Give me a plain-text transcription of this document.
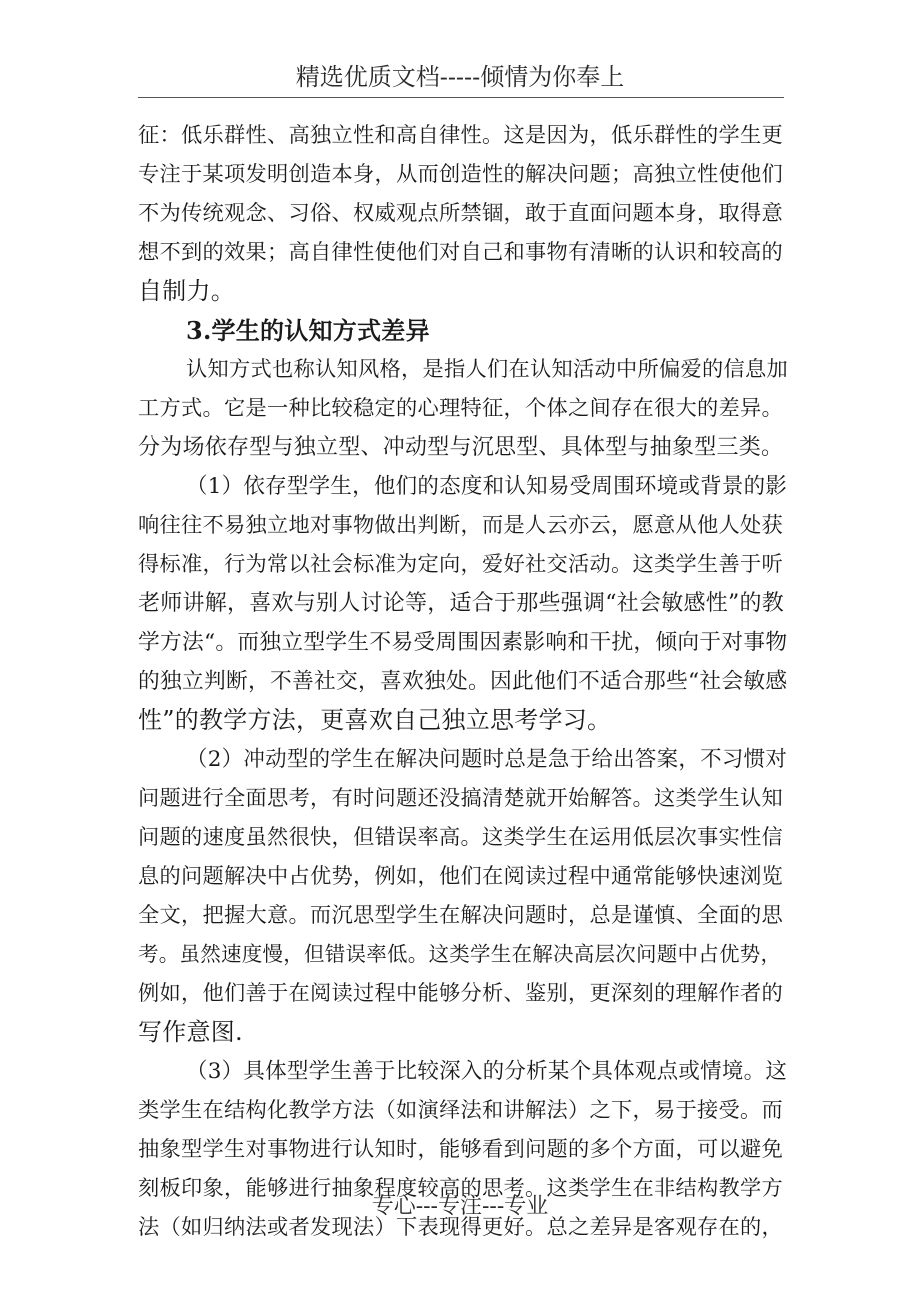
精选优质文档-----倾情为你奉上
征：低乐群性、高独立性和高自律性。这是因为，低乐群性的学生更
专注于某项发明创造本身，从而创造性的解决问题；高独立性使他们
不为传统观念、习俗、权威观点所禁锢，敢于直面问题本身，取得意
想不到的效果；高自律性使他们对自己和事物有清晰的认识和较高的
自制力。
3.学生的认知方式差异
认知方式也称认知风格，是指人们在认知活动中所偏爱的信息加
工方式。它是一种比较稳定的心理特征，个体之间存在很大的差异。
分为场依存型与独立型、冲动型与沉思型、具体型与抽象型三类。
（1）依存型学生，他们的态度和认知易受周围环境或背景的影
响往往不易独立地对事物做出判断，而是人云亦云，愿意从他人处获
得标准，行为常以社会标准为定向，爱好社交活动。这类学生善于听
老师讲解，喜欢与别人讨论等，适合于那些强调“社会敏感性”的教
学方法“。而独立型学生不易受周围因素影响和干扰，倾向于对事物
的独立判断，不善社交，喜欢独处。因此他们不适合那些“社会敏感
性”的教学方法，更喜欢自己独立思考学习。
（2）冲动型的学生在解决问题时总是急于给出答案，不习惯对
问题进行全面思考，有时问题还没搞清楚就开始解答。这类学生认知
问题的速度虽然很快，但错误率高。这类学生在运用低层次事实性信
息的问题解决中占优势，例如，他们在阅读过程中通常能够快速浏览
全文，把握大意。而沉思型学生在解决问题时，总是谨慎、全面的思
考。虽然速度慢，但错误率低。这类学生在解决高层次问题中占优势，
例如，他们善于在阅读过程中能够分析、鉴别，更深刻的理解作者的
写作意图.
（3）具体型学生善于比较深入的分析某个具体观点或情境。这
类学生在结构化教学方法（如演绎法和讲解法）之下，易于接受。而
抽象型学生对事物进行认知时，能够看到问题的多个方面，可以避免
刻板印象，能够进行抽象程度较高的思考。这类学生在非结构教学方
法（如归纳法或者发现法）下表现得更好。总之差异是客观存在的，
专心---专注---专业
